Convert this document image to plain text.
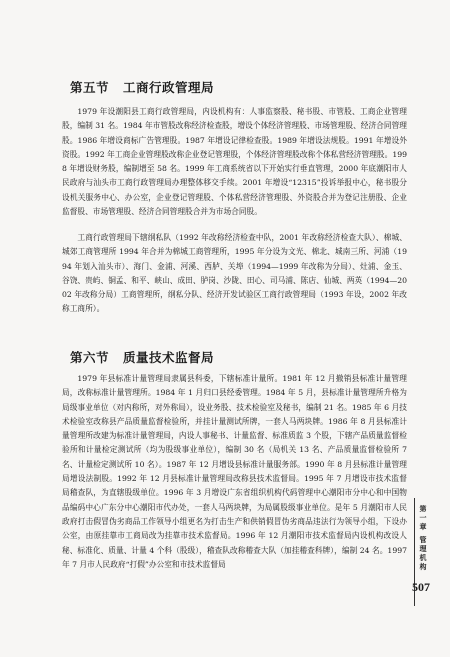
第五节 工商行政管理局

1979 年设潮阳县工商行政管理局，内设机构有：人事监察股、秘书股、市管股、工商企业管理股，编制 31 名。1984 年市管股改称经济检查股，增设个体经济管理股、市场管理股、经济合同管理股。1986 年增设商标广告管理股。1987 年增设记律检查股。1989 年增设法规股。1991 年增设外资股。1992 年工商企业管理股改称企业登记管理股，个体经济管理股改称个体私营经济管理股。1998 年增设财务股，编制增至 58 名。1999 年工商系统省以下开始实行垂直管理，2000 年底潮阳市人民政府与汕头市工商行政管理局办理整体移交手续。2001 年增设“12315”投诉举报中心，秘书股分设机关服务中心、办公室，企业登记管理股、个体私营经济管理股、外资股合并为登记注册股、企业监督股、市场管理股、经济合同管理股合并为市场合同股。

工商行政管理局下辖纲私队（1992 年改称经济检查中队，2001 年改称经济检查大队）、棉城、城郊工商管理所 1994 年合并为棉城工商管理所，1995 年分设为文光、棉北、城南三所、河浦（1994 年划入汕头市）、海门、金浦、河溪、西胪、关埠（1994—1999 年改称为分局）、灶浦、金玉、谷饶、贵屿、铜孟、和平、峡山、成田、胪岗、沙陇、田心、司马浦、陈店、仙城、两英（1994—2002 年改称分局）工商管理所，纲私分队、经济开发试验区工商行政管理局（1993 年设，2002 年改称工商所）。

第六节 质量技术监督局

1979 年县标准计量管理局隶属县科委，下辖标准计量所。1981 年 12 月撤销县标准计量管理局，改称标准计量管理所。1984 年 1 月归口县经委管理。1984 年 5 月，县标准计量管理所升格为局级事业单位（对内称所，对外称局），设业务股、技术检验室及秘书，编制 21 名。1985 年 6 月技术检验室改称县产品质量监督检验所，并挂计量测试所牌，一套人马两块牌。1986 年 8 月县标准计量管理所改建为标准计量管理局，内设人事秘书、计量监督、标准质监 3 个股，下辖产品质量监督检验所和计量检定测试所（均为股级事业单位），编制 30 名（局机关 13 名、产品质量监督检验所 7 名、计量检定测试所 10 名）。1987 年 12 月增设县标准计量服务部。1990 年 8 月县标准计量管理局增设法制股。1992 年 12 月县标准计量管理局改称县技术监督局。1995 年 7 月增设市技术监督局稽查队，为直辖股级单位。1996 年 3 月增设广东省组织机构代码管理中心潮阳市分中心和中国物品编码中心广东分中心潮阳市代办处，一套人马两块牌，为局属股级事业单位。是年 5 月潮阳市人民政府打击假冒伪劣商品工作领导小组更名为打击生产和供销假冒伪劣商品违法行为领导小组，下设办公室，由原挂靠市工商局改为挂靠市技术监督局。1996 年 12 月潮阳市技术监督局内设机构改设人秘、标准化、质量、计量 4 个科（股级），稽查队改称稽查大队（加挂稽查科牌），编制 24 名。1997 年 7 月市人民政府“打假”办公室和市技术监督局

第
一
章
管
理
机
构
507
